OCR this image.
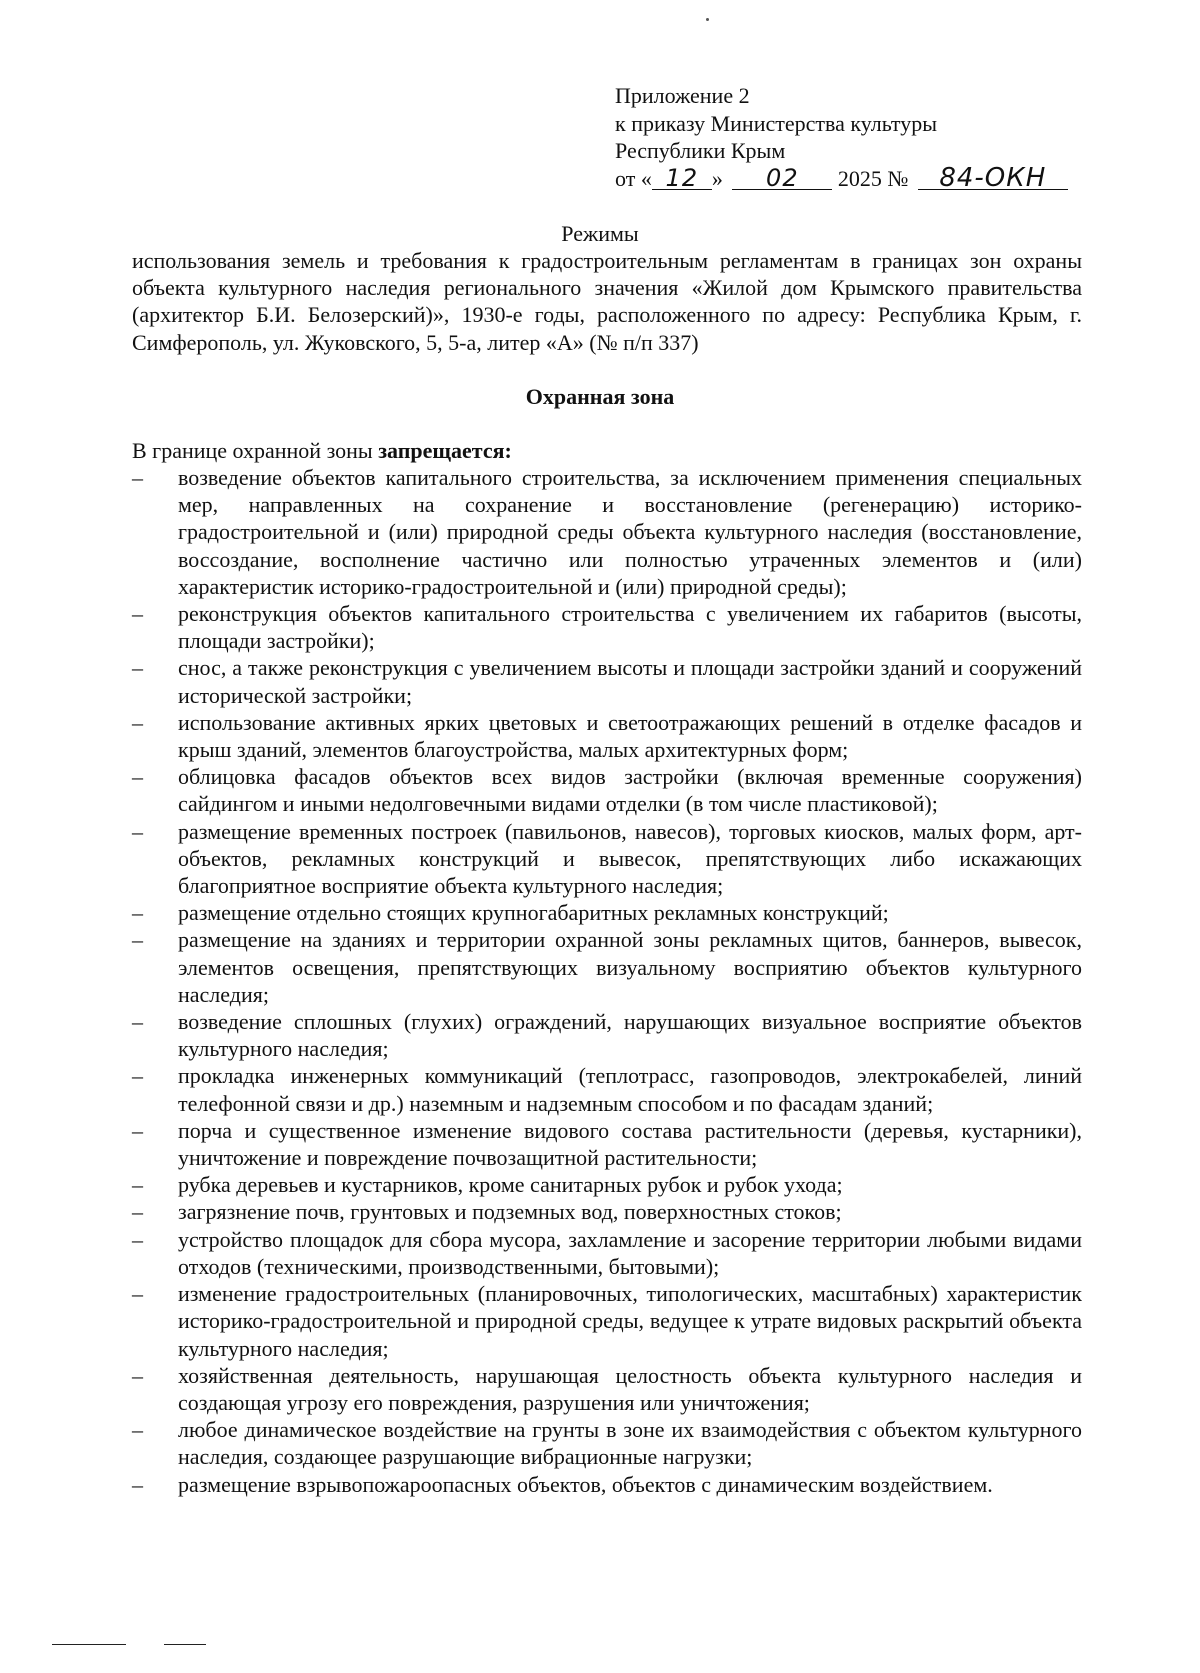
Приложение 2
к приказу Министерства культуры
Республики Крым
от « 12 » 02 2025 № 84-ОКН
Режимы
использования земель и требования к градостроительным регламентам в границах зон охраны объекта культурного наследия регионального значения «Жилой дом Крымского правительства (архитектор Б.И. Белозерский)», 1930-е годы, расположенного по адресу: Республика Крым, г. Симферополь, ул. Жуковского, 5, 5-а, литер «А» (№ п/п 337)
Охранная зона
В границе охранной зоны запрещается:
– возведение объектов капитального строительства, за исключением применения специальных мер, направленных на сохранение и восстановление (регенерацию) историко-градостроительной и (или) природной среды объекта культурного наследия (восстановление, воссоздание, восполнение частично или полностью утраченных элементов и (или) характеристик историко-градостроительной и (или) природной среды);
– реконструкция объектов капитального строительства с увеличением их габаритов (высоты, площади застройки);
– снос, а также реконструкция с увеличением высоты и площади застройки зданий и сооружений исторической застройки;
– использование активных ярких цветовых и светоотражающих решений в отделке фасадов и крыш зданий, элементов благоустройства, малых архитектурных форм;
– облицовка фасадов объектов всех видов застройки (включая временные сооружения) сайдингом и иными недолговечными видами отделки (в том числе пластиковой);
– размещение временных построек (павильонов, навесов), торговых киосков, малых форм, арт-объектов, рекламных конструкций и вывесок, препятствующих либо искажающих благоприятное восприятие объекта культурного наследия;
– размещение отдельно стоящих крупногабаритных рекламных конструкций;
– размещение на зданиях и территории охранной зоны рекламных щитов, баннеров, вывесок, элементов освещения, препятствующих визуальному восприятию объектов культурного наследия;
– возведение сплошных (глухих) ограждений, нарушающих визуальное восприятие объектов культурного наследия;
– прокладка инженерных коммуникаций (теплотрасс, газопроводов, электрокабелей, линий телефонной связи и др.) наземным и надземным способом и по фасадам зданий;
– порча и существенное изменение видового состава растительности (деревья, кустарники), уничтожение и повреждение почвозащитной растительности;
– рубка деревьев и кустарников, кроме санитарных рубок и рубок ухода;
– загрязнение почв, грунтовых и подземных вод, поверхностных стоков;
– устройство площадок для сбора мусора, захламление и засорение территории любыми видами отходов (техническими, производственными, бытовыми);
– изменение градостроительных (планировочных, типологических, масштабных) характеристик историко-градостроительной и природной среды, ведущее к утрате видовых раскрытий объекта культурного наследия;
– хозяйственная деятельность, нарушающая целостность объекта культурного наследия и создающая угрозу его повреждения, разрушения или уничтожения;
– любое динамическое воздействие на грунты в зоне их взаимодействия с объектом культурного наследия, создающее разрушающие вибрационные нагрузки;
– размещение взрывопожароопасных объектов, объектов с динамическим воздействием.
